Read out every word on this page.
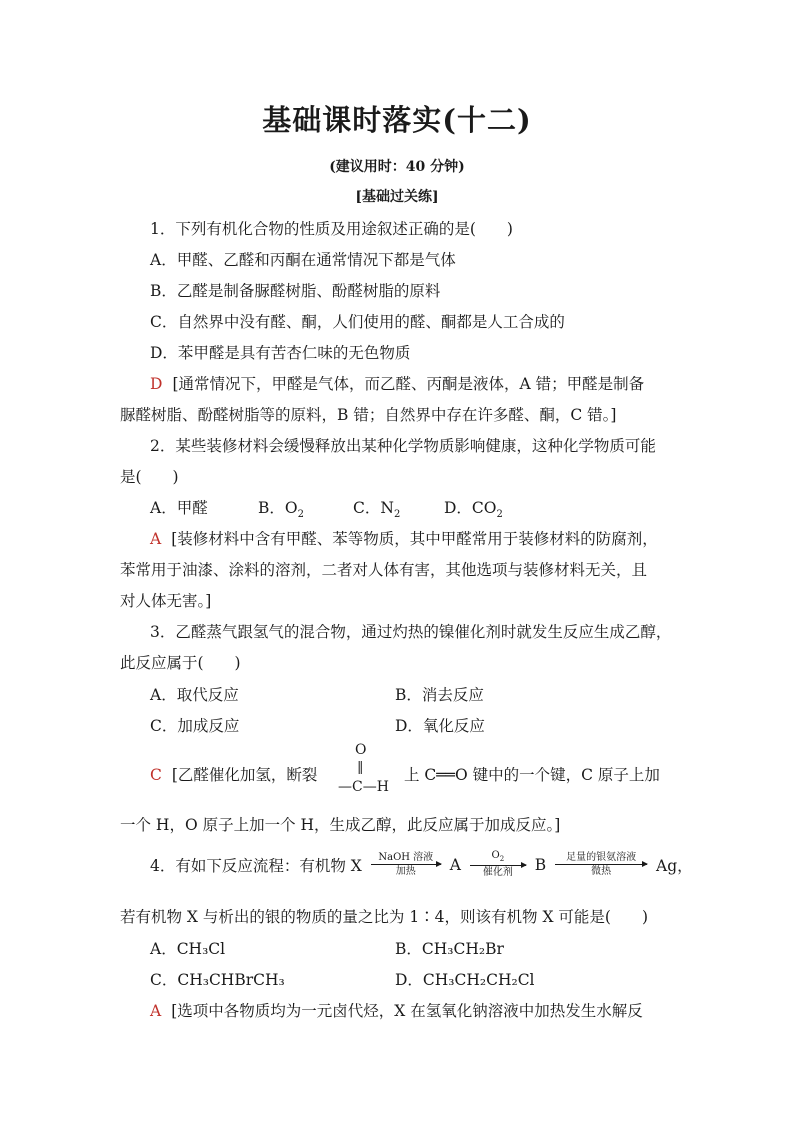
基础课时落实(十二)
(建议用时：40 分钟)
[基础过关练]
1．下列有机化合物的性质及用途叙述正确的是(　　)
A．甲醛、乙醛和丙酮在通常情况下都是气体
B．乙醛是制备脲醛树脂、酚醛树脂的原料
C．自然界中没有醛、酮，人们使用的醛、酮都是人工合成的
D．苯甲醛是具有苦杏仁味的无色物质
D [通常情况下，甲醛是气体，而乙醛、丙酮是液体，A 错；甲醛是制备
脲醛树脂、酚醛树脂等的原料，B 错；自然界中存在许多醛、酮，C 错。]
2．某些装修材料会缓慢释放出某种化学物质影响健康，这种化学物质可能
是(　　)
A．甲醛	B．$O_2$	C．$N_2$	D．$CO_2$
A [装修材料中含有甲醛、苯等物质，其中甲醛常用于装修材料的防腐剂，
苯常用于油漆、涂料的溶剂，二者对人体有害，其他选项与装修材料无关，且
对人体无害。]
3．乙醛蒸气跟氢气的混合物，通过灼热的镍催化剂时就发生反应生成乙醇，
此反应属于(　　)
A．取代反应	B．消去反应
C．加成反应	D．氧化反应
C [乙醛催化加氢，断裂
O
‖
—C—H
上 C══O 键中的一个键，C 原子上加
一个 H，O 原子上加一个 H，生成乙醇，此反应属于加成反应。]
4．有如下反应流程：有机物 X	NaOH 溶液
加热	A
$O_2$
催化剂	B	足量的银氨溶液
微热	Ag，
若有机物 X 与析出的银的物质的量之比为 1∶4，则该有机物 X 可能是(　　)
A．CH₃Cl	B．CH₃CH₂Br
C．CH₃CHBrCH₃	D．CH₃CH₂CH₂Cl
A [选项中各物质均为一元卤代烃，X 在氢氧化钠溶液中加热发生水解反
